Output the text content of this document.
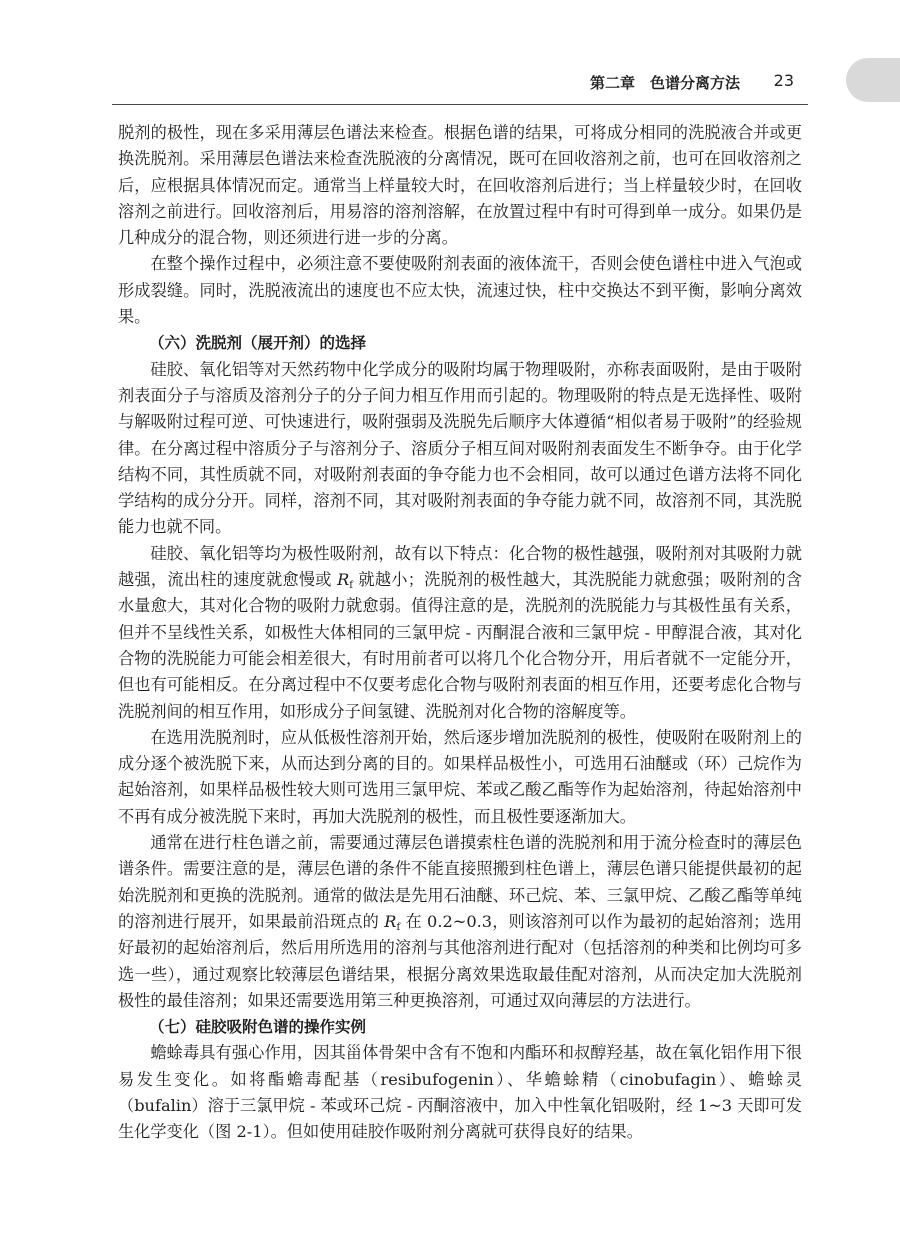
第二章　色谱分离方法 23

脱剂的极性，现在多采用薄层色谱法来检查。根据色谱的结果，可将成分相同的洗脱液合并或更换洗脱剂。采用薄层色谱法来检查洗脱液的分离情况，既可在回收溶剂之前，也可在回收溶剂之后，应根据具体情况而定。通常当上样量较大时，在回收溶剂后进行；当上样量较少时，在回收溶剂之前进行。回收溶剂后，用易溶的溶剂溶解，在放置过程中有时可得到单一成分。如果仍是几种成分的混合物，则还须进行进一步的分离。

在整个操作过程中，必须注意不要使吸附剂表面的液体流干，否则会使色谱柱中进入气泡或形成裂缝。同时，洗脱液流出的速度也不应太快，流速过快，柱中交换达不到平衡，影响分离效果。

（六）洗脱剂（展开剂）的选择

硅胶、氧化铝等对天然药物中化学成分的吸附均属于物理吸附，亦称表面吸附，是由于吸附剂表面分子与溶质及溶剂分子的分子间力相互作用而引起的。物理吸附的特点是无选择性、吸附与解吸附过程可逆、可快速进行，吸附强弱及洗脱先后顺序大体遵循“相似者易于吸附”的经验规律。在分离过程中溶质分子与溶剂分子、溶质分子相互间对吸附剂表面发生不断争夺。由于化学结构不同，其性质就不同，对吸附剂表面的争夺能力也不会相同，故可以通过色谱方法将不同化学结构的成分分开。同样，溶剂不同，其对吸附剂表面的争夺能力就不同，故溶剂不同，其洗脱能力也就不同。

硅胶、氧化铝等均为极性吸附剂，故有以下特点：化合物的极性越强，吸附剂对其吸附力就越强，流出柱的速度就愈慢或 $R_f$ 就越小；洗脱剂的极性越大，其洗脱能力就愈强；吸附剂的含水量愈大，其对化合物的吸附力就愈弱。值得注意的是，洗脱剂的洗脱能力与其极性虽有关系，但并不呈线性关系，如极性大体相同的三氯甲烷 - 丙酮混合液和三氯甲烷 - 甲醇混合液，其对化合物的洗脱能力可能会相差很大，有时用前者可以将几个化合物分开，用后者就不一定能分开，但也有可能相反。在分离过程中不仅要考虑化合物与吸附剂表面的相互作用，还要考虑化合物与洗脱剂间的相互作用，如形成分子间氢键、洗脱剂对化合物的溶解度等。

在选用洗脱剂时，应从低极性溶剂开始，然后逐步增加洗脱剂的极性，使吸附在吸附剂上的成分逐个被洗脱下来，从而达到分离的目的。如果样品极性小，可选用石油醚或（环）己烷作为起始溶剂，如果样品极性较大则可选用三氯甲烷、苯或乙酸乙酯等作为起始溶剂，待起始溶剂中不再有成分被洗脱下来时，再加大洗脱剂的极性，而且极性要逐渐加大。

通常在进行柱色谱之前，需要通过薄层色谱摸索柱色谱的洗脱剂和用于流分检查时的薄层色谱条件。需要注意的是，薄层色谱的条件不能直接照搬到柱色谱上，薄层色谱只能提供最初的起始洗脱剂和更换的洗脱剂。通常的做法是先用石油醚、环己烷、苯、三氯甲烷、乙酸乙酯等单纯的溶剂进行展开，如果最前沿斑点的 $R_f$ 在 0.2~0.3，则该溶剂可以作为最初的起始溶剂；选用好最初的起始溶剂后，然后用所选用的溶剂与其他溶剂进行配对（包括溶剂的种类和比例均可多选一些），通过观察比较薄层色谱结果，根据分离效果选取最佳配对溶剂，从而决定加大洗脱剂极性的最佳溶剂；如果还需要选用第三种更换溶剂，可通过双向薄层的方法进行。

（七）硅胶吸附色谱的操作实例

蟾蜍毒具有强心作用，因其甾体骨架中含有不饱和内酯环和叔醇羟基，故在氧化铝作用下很易发生变化。如将酯蟾毒配基（resibufogenin）、华蟾蜍精（cinobufagin）、蟾蜍灵（bufalin）溶于三氯甲烷 - 苯或环己烷 - 丙酮溶液中，加入中性氧化铝吸附，经 1~3 天即可发生化学变化（图 2-1）。但如使用硅胶作吸附剂分离就可获得良好的结果。
